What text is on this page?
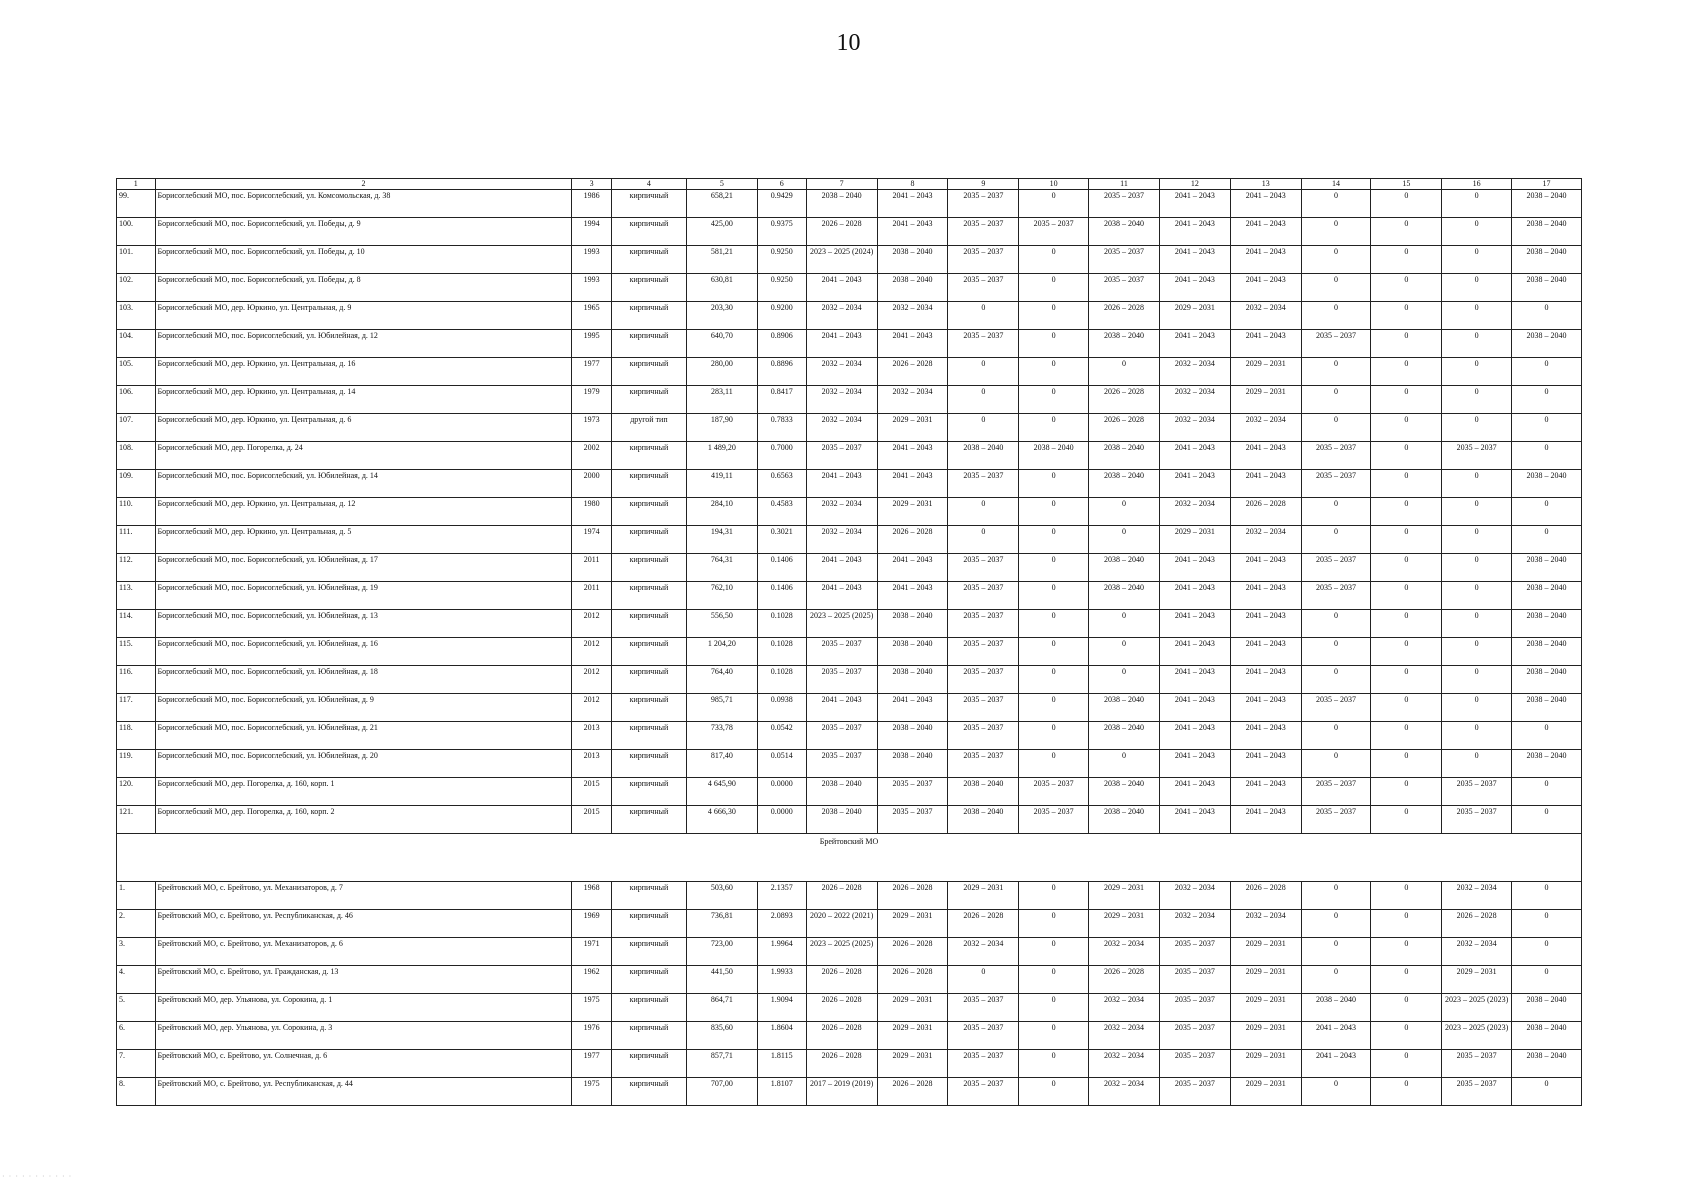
10
1	2	3	4	5	6	7	8	9	10	11	12	13	14	15	16	17
99.	Борисоглебский МО, пос. Борисоглебский, ул. Комсомольская, д. 38	1986	кирпичный	658,21	0.9429	2038 – 2040	2041 – 2043	2035 – 2037	0	2035 – 2037	2041 – 2043	2041 – 2043	0	0	0	2038 – 2040
100.	Борисоглебский МО, пос. Борисоглебский, ул. Победы, д. 9	1994	кирпичный	425,00	0.9375	2026 – 2028	2041 – 2043	2035 – 2037	2035 – 2037	2038 – 2040	2041 – 2043	2041 – 2043	0	0	0	2038 – 2040
101.	Борисоглебский МО, пос. Борисоглебский, ул. Победы, д. 10	1993	кирпичный	581,21	0.9250	2023 – 2025 (2024)	2038 – 2040	2035 – 2037	0	2035 – 2037	2041 – 2043	2041 – 2043	0	0	0	2038 – 2040
102.	Борисоглебский МО, пос. Борисоглебский, ул. Победы, д. 8	1993	кирпичный	630,81	0.9250	2041 – 2043	2038 – 2040	2035 – 2037	0	2035 – 2037	2041 – 2043	2041 – 2043	0	0	0	2038 – 2040
103.	Борисоглебский МО, дер. Юркино, ул. Центральная, д. 9	1965	кирпичный	203,30	0.9200	2032 – 2034	2032 – 2034	0	0	2026 – 2028	2029 – 2031	2032 – 2034	0	0	0	0
104.	Борисоглебский МО, пос. Борисоглебский, ул. Юбилейная, д. 12	1995	кирпичный	640,70	0.8906	2041 – 2043	2041 – 2043	2035 – 2037	0	2038 – 2040	2041 – 2043	2041 – 2043	2035 – 2037	0	0	2038 – 2040
105.	Борисоглебский МО, дер. Юркино, ул. Центральная, д. 16	1977	кирпичный	280,00	0.8896	2032 – 2034	2026 – 2028	0	0	0	2032 – 2034	2029 – 2031	0	0	0	0
106.	Борисоглебский МО, дер. Юркино, ул. Центральная, д. 14	1979	кирпичный	283,11	0.8417	2032 – 2034	2032 – 2034	0	0	2026 – 2028	2032 – 2034	2029 – 2031	0	0	0	0
107.	Борисоглебский МО, дер. Юркино, ул. Центральная, д. 6	1973	другой тип	187,90	0.7833	2032 – 2034	2029 – 2031	0	0	2026 – 2028	2032 – 2034	2032 – 2034	0	0	0	0
108.	Борисоглебский МО, дер. Погорелка, д. 24	2002	кирпичный	1 489,20	0.7000	2035 – 2037	2041 – 2043	2038 – 2040	2038 – 2040	2038 – 2040	2041 – 2043	2041 – 2043	2035 – 2037	0	2035 – 2037	0
109.	Борисоглебский МО, пос. Борисоглебский, ул. Юбилейная, д. 14	2000	кирпичный	419,11	0.6563	2041 – 2043	2041 – 2043	2035 – 2037	0	2038 – 2040	2041 – 2043	2041 – 2043	2035 – 2037	0	0	2038 – 2040
110.	Борисоглебский МО, дер. Юркино, ул. Центральная, д. 12	1980	кирпичный	284,10	0.4583	2032 – 2034	2029 – 2031	0	0	0	2032 – 2034	2026 – 2028	0	0	0	0
111.	Борисоглебский МО, дер. Юркино, ул. Центральная, д. 5	1974	кирпичный	194,31	0.3021	2032 – 2034	2026 – 2028	0	0	0	2029 – 2031	2032 – 2034	0	0	0	0
112.	Борисоглебский МО, пос. Борисоглебский, ул. Юбилейная, д. 17	2011	кирпичный	764,31	0.1406	2041 – 2043	2041 – 2043	2035 – 2037	0	2038 – 2040	2041 – 2043	2041 – 2043	2035 – 2037	0	0	2038 – 2040
113.	Борисоглебский МО, пос. Борисоглебский, ул. Юбилейная, д. 19	2011	кирпичный	762,10	0.1406	2041 – 2043	2041 – 2043	2035 – 2037	0	2038 – 2040	2041 – 2043	2041 – 2043	2035 – 2037	0	0	2038 – 2040
114.	Борисоглебский МО, пос. Борисоглебский, ул. Юбилейная, д. 13	2012	кирпичный	556,50	0.1028	2023 – 2025 (2025)	2038 – 2040	2035 – 2037	0	0	2041 – 2043	2041 – 2043	0	0	0	2038 – 2040
115.	Борисоглебский МО, пос. Борисоглебский, ул. Юбилейная, д. 16	2012	кирпичный	1 204,20	0.1028	2035 – 2037	2038 – 2040	2035 – 2037	0	0	2041 – 2043	2041 – 2043	0	0	0	2038 – 2040
116.	Борисоглебский МО, пос. Борисоглебский, ул. Юбилейная, д. 18	2012	кирпичный	764,40	0.1028	2035 – 2037	2038 – 2040	2035 – 2037	0	0	2041 – 2043	2041 – 2043	0	0	0	2038 – 2040
117.	Борисоглебский МО, пос. Борисоглебский, ул. Юбилейная, д. 9	2012	кирпичный	985,71	0.0938	2041 – 2043	2041 – 2043	2035 – 2037	0	2038 – 2040	2041 – 2043	2041 – 2043	2035 – 2037	0	0	2038 – 2040
118.	Борисоглебский МО, пос. Борисоглебский, ул. Юбилейная, д. 21	2013	кирпичный	733,78	0.0542	2035 – 2037	2038 – 2040	2035 – 2037	0	2038 – 2040	2041 – 2043	2041 – 2043	0	0	0	0
119.	Борисоглебский МО, пос. Борисоглебский, ул. Юбилейная, д. 20	2013	кирпичный	817,40	0.0514	2035 – 2037	2038 – 2040	2035 – 2037	0	0	2041 – 2043	2041 – 2043	0	0	0	2038 – 2040
120.	Борисоглебский МО, дер. Погорелка, д. 160, корп. 1	2015	кирпичный	4 645,90	0.0000	2038 – 2040	2035 – 2037	2038 – 2040	2035 – 2037	2038 – 2040	2041 – 2043	2041 – 2043	2035 – 2037	0	2035 – 2037	0
121.	Борисоглебский МО, дер. Погорелка, д. 160, корп. 2	2015	кирпичный	4 666,30	0.0000	2038 – 2040	2035 – 2037	2038 – 2040	2035 – 2037	2038 – 2040	2041 – 2043	2041 – 2043	2035 – 2037	0	2035 – 2037	0
Брейтовский МО																
1.	Брейтовский МО, с. Брейтово, ул. Механизаторов, д. 7	1968	кирпичный	503,60	2.1357	2026 – 2028	2026 – 2028	2029 – 2031	0	2029 – 2031	2032 – 2034	2026 – 2028	0	0	2032 – 2034	0
2.	Брейтовский МО, с. Брейтово, ул. Республиканская, д. 46	1969	кирпичный	736,81	2.0893	2020 – 2022 (2021)	2029 – 2031	2026 – 2028	0	2029 – 2031	2032 – 2034	2032 – 2034	0	0	2026 – 2028	0
3.	Брейтовский МО, с. Брейтово, ул. Механизаторов, д. 6	1971	кирпичный	723,00	1.9964	2023 – 2025 (2025)	2026 – 2028	2032 – 2034	0	2032 – 2034	2035 – 2037	2029 – 2031	0	0	2032 – 2034	0
4.	Брейтовский МО, с. Брейтово, ул. Гражданская, д. 13	1962	кирпичный	441,50	1.9933	2026 – 2028	2026 – 2028	0	0	2026 – 2028	2035 – 2037	2029 – 2031	0	0	2029 – 2031	0
5.	Брейтовский МО, дер. Ульянова, ул. Сорокина, д. 1	1975	кирпичный	864,71	1.9094	2026 – 2028	2029 – 2031	2035 – 2037	0	2032 – 2034	2035 – 2037	2029 – 2031	2038 – 2040	0	2023 – 2025 (2023)	2038 – 2040
6.	Брейтовский МО, дер. Ульянова, ул. Сорокина, д. 3	1976	кирпичный	835,60	1.8604	2026 – 2028	2029 – 2031	2035 – 2037	0	2032 – 2034	2035 – 2037	2029 – 2031	2041 – 2043	0	2023 – 2025 (2023)	2038 – 2040
7.	Брейтовский МО, с. Брейтово, ул. Солнечная, д. 6	1977	кирпичный	857,71	1.8115	2026 – 2028	2029 – 2031	2035 – 2037	0	2032 – 2034	2035 – 2037	2029 – 2031	2041 – 2043	0	2035 – 2037	2038 – 2040
8.	Брейтовский МО, с. Брейтово, ул. Республиканская, д. 44	1975	кирпичный	707,00	1.8107	2017 – 2019 (2019)	2026 – 2028	2035 – 2037	0	2032 – 2034	2035 – 2037	2029 – 2031	0	0	2035 – 2037	0
· · · · · · · · · · ·
